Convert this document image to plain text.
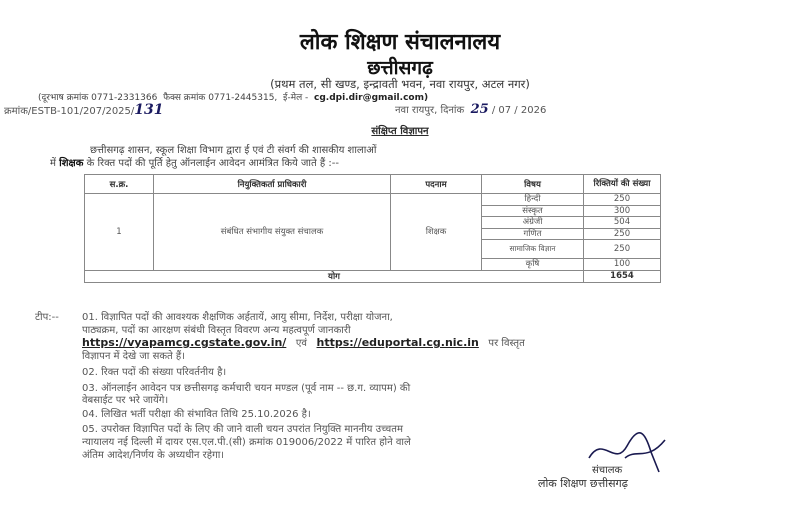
लोक शिक्षण संचालनालय
छत्तीसगढ़
(प्रथम तल, सी खण्ड, इन्द्रावती भवन, नवा रायपुर, अटल नगर)
(दूरभाष क्रमांक 0771-2331366 फैक्स क्रमांक 0771-2445315, ई-मेल - cg.dpi.dir@gmail.com)
क्रमांक/ESTB-101/207/2025/131	नवा रायपुर, दिनांक 25 / 07 / 2026
संक्षिप्त विज्ञापन
छत्तीसगढ़ शासन, स्कूल शिक्षा विभाग द्वारा ई एवं टी संवर्ग की शासकीय शालाओं
में शिक्षक के रिक्त पदों की पूर्ति हेतु ऑनलाईन आवेदन आमंत्रित किये जाते हैं :--
स.क्र.	नियुक्तिकर्ता प्राधिकारी	पदनाम	विषय	रिक्तियों की संख्या
1	संबंधित संभागीय संयुक्त संचालक	शिक्षक	हिन्दी	250
			संस्कृत	300
			अंग्रेजी	504
			गणित	250
			सामाजिक विज्ञान	250
			कृषि	100
योग				1654
टीप:-- 01. विज्ञापित पदों की आवश्यक शैक्षणिक अर्हतायें, आयु सीमा, निर्देश, परीक्षा योजना,
पाठ्यक्रम, पदों का आरक्षण संबंधी विस्तृत विवरण अन्य महत्वपूर्ण जानकारी
https://vyapamcg.cgstate.gov.in/ एवं https://eduportal.cg.nic.in पर विस्तृत
विज्ञापन में देखे जा सकते हैं।
02. रिक्त पदों की संख्या परिवर्तनीय है।
03. ऑनलाईन आवेदन पत्र छत्तीसगढ़ कर्मचारी चयन मण्डल (पूर्व नाम -- छ.ग. व्यापम) की
वेबसाईट पर भरे जायेंगे।
04. लिखित भर्ती परीक्षा की संभावित तिथि 25.10.2026 है।
05. उपरोक्त विज्ञापित पदों के लिए की जाने वाली चयन उपरांत नियुक्ति माननीय उच्चतम
न्यायालय नई दिल्ली में दायर एस.एल.पी.(सी) क्रमांक 019006/2022 में पारित होने वाले
अंतिम आदेश/निर्णय के अध्यधीन रहेगा।
संचालक
लोक शिक्षण छत्तीसगढ़
